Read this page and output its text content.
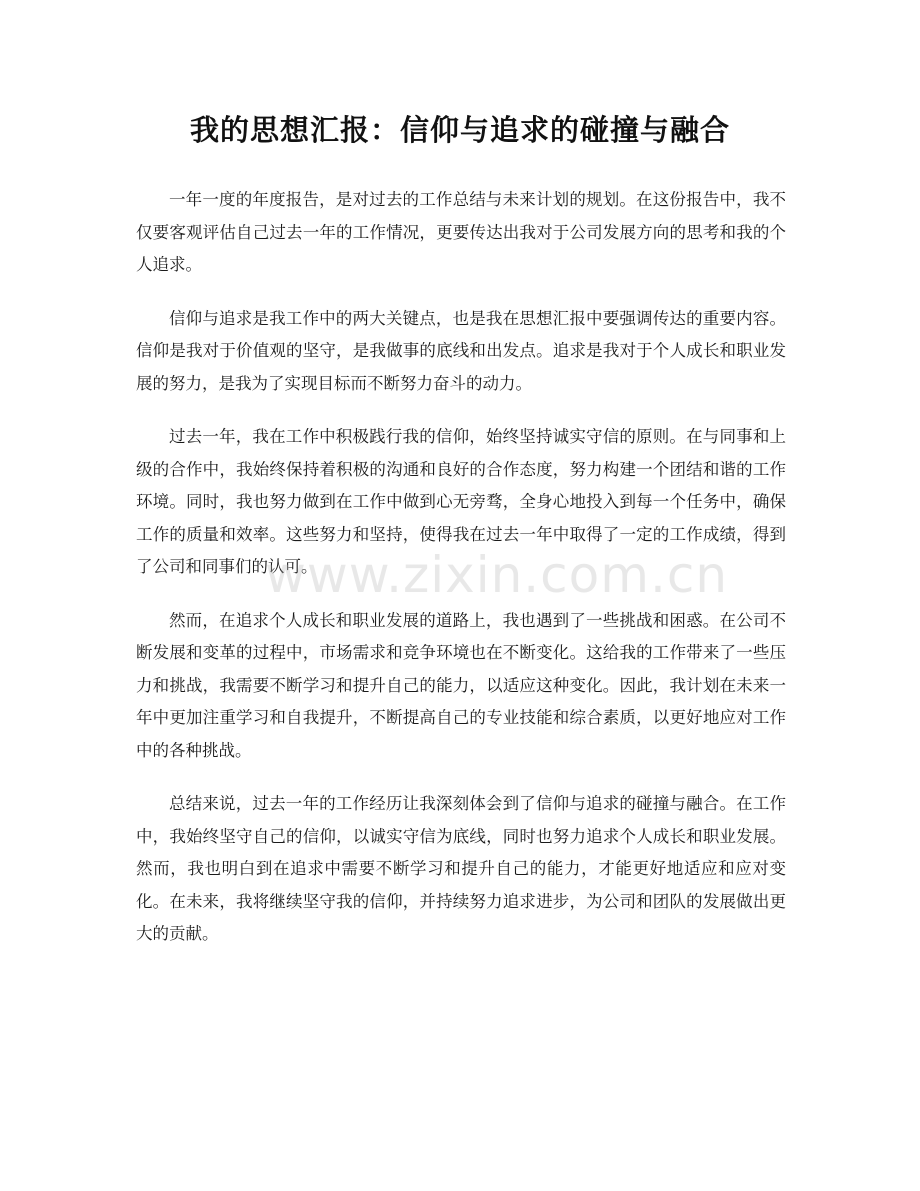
我的思想汇报：信仰与追求的碰撞与融合

一年一度的年度报告，是对过去的工作总结与未来计划的规划。在这份报告中，我不仅要客观评估自己过去一年的工作情况，更要传达出我对于公司发展方向的思考和我的个人追求。

信仰与追求是我工作中的两大关键点，也是我在思想汇报中要强调传达的重要内容。信仰是我对于价值观的坚守，是我做事的底线和出发点。追求是我对于个人成长和职业发展的努力，是我为了实现目标而不断努力奋斗的动力。

过去一年，我在工作中积极践行我的信仰，始终坚持诚实守信的原则。在与同事和上级的合作中，我始终保持着积极的沟通和良好的合作态度，努力构建一个团结和谐的工作环境。同时，我也努力做到在工作中做到心无旁骛，全身心地投入到每一个任务中，确保工作的质量和效率。这些努力和坚持，使得我在过去一年中取得了一定的工作成绩，得到了公司和同事们的认可。

然而，在追求个人成长和职业发展的道路上，我也遇到了一些挑战和困惑。在公司不断发展和变革的过程中，市场需求和竞争环境也在不断变化。这给我的工作带来了一些压力和挑战，我需要不断学习和提升自己的能力，以适应这种变化。因此，我计划在未来一年中更加注重学习和自我提升，不断提高自己的专业技能和综合素质，以更好地应对工作中的各种挑战。

总结来说，过去一年的工作经历让我深刻体会到了信仰与追求的碰撞与融合。在工作中，我始终坚守自己的信仰，以诚实守信为底线，同时也努力追求个人成长和职业发展。然而，我也明白到在追求中需要不断学习和提升自己的能力，才能更好地适应和应对变化。在未来，我将继续坚守我的信仰，并持续努力追求进步，为公司和团队的发展做出更大的贡献。

www.zixin.com.cn
